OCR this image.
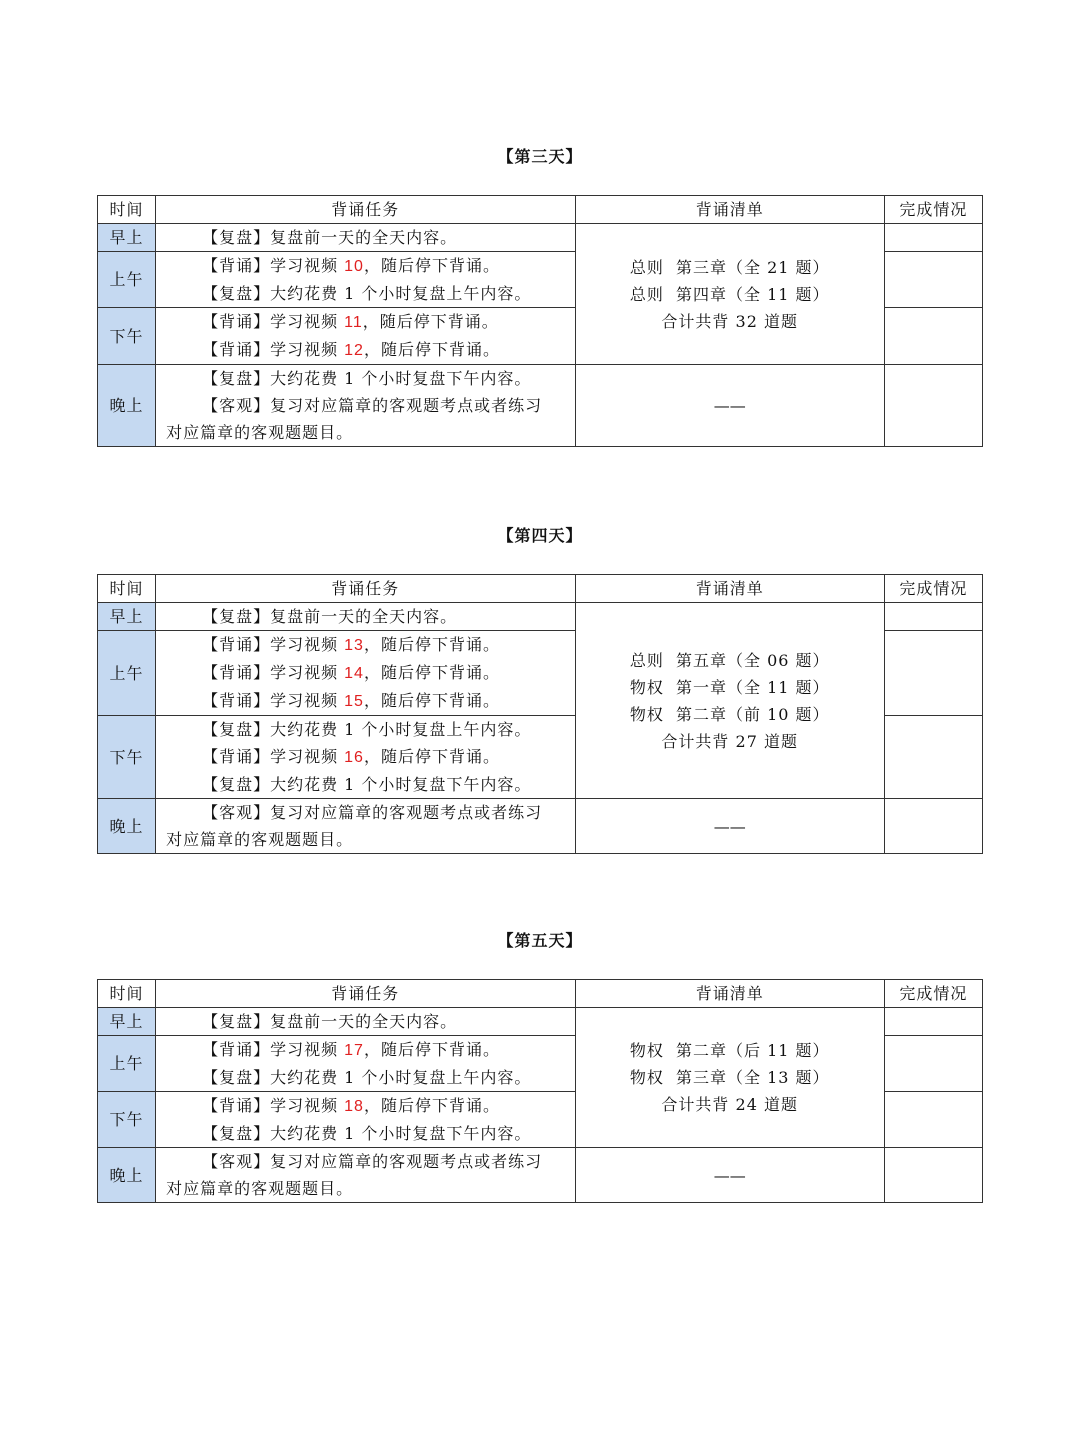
【第三天】
时间	背诵任务	背诵清单	完成情况
早上	【复盘】复盘前一天的全天内容。	总则  第三章（全 21 题）
总则  第四章（全 11 题）
合计共背 32 道题	

上午	【背诵】学习视频 10，随后停下背诵。
【复盘】大约花费 1 个小时复盘上午内容。		

下午	【背诵】学习视频 11，随后停下背诵。
【背诵】学习视频 12，随后停下背诵。		

晚上	【复盘】大约花费 1 个小时复盘下午内容。
【客观】复习对应篇章的客观题考点或者练习
对应篇章的客观题题目。	——	

【第四天】
时间	背诵任务	背诵清单	完成情况
早上	【复盘】复盘前一天的全天内容。	总则  第五章（全 06 题）
物权  第一章（全 11 题）
物权  第二章（前 10 题）
合计共背 27 道题	

上午	【背诵】学习视频 13，随后停下背诵。
【背诵】学习视频 14，随后停下背诵。
【背诵】学习视频 15，随后停下背诵。		

下午	【复盘】大约花费 1 个小时复盘上午内容。
【背诵】学习视频 16，随后停下背诵。
【复盘】大约花费 1 个小时复盘下午内容。		

晚上	【客观】复习对应篇章的客观题考点或者练习
对应篇章的客观题题目。	——	

【第五天】
时间	背诵任务	背诵清单	完成情况
早上	【复盘】复盘前一天的全天内容。	物权  第二章（后 11 题）
物权  第三章（全 13 题）
合计共背 24 道题	

上午	【背诵】学习视频 17，随后停下背诵。
【复盘】大约花费 1 个小时复盘上午内容。		

下午	【背诵】学习视频 18，随后停下背诵。
【复盘】大约花费 1 个小时复盘下午内容。		

晚上	【客观】复习对应篇章的客观题考点或者练习
对应篇章的客观题题目。	——	
